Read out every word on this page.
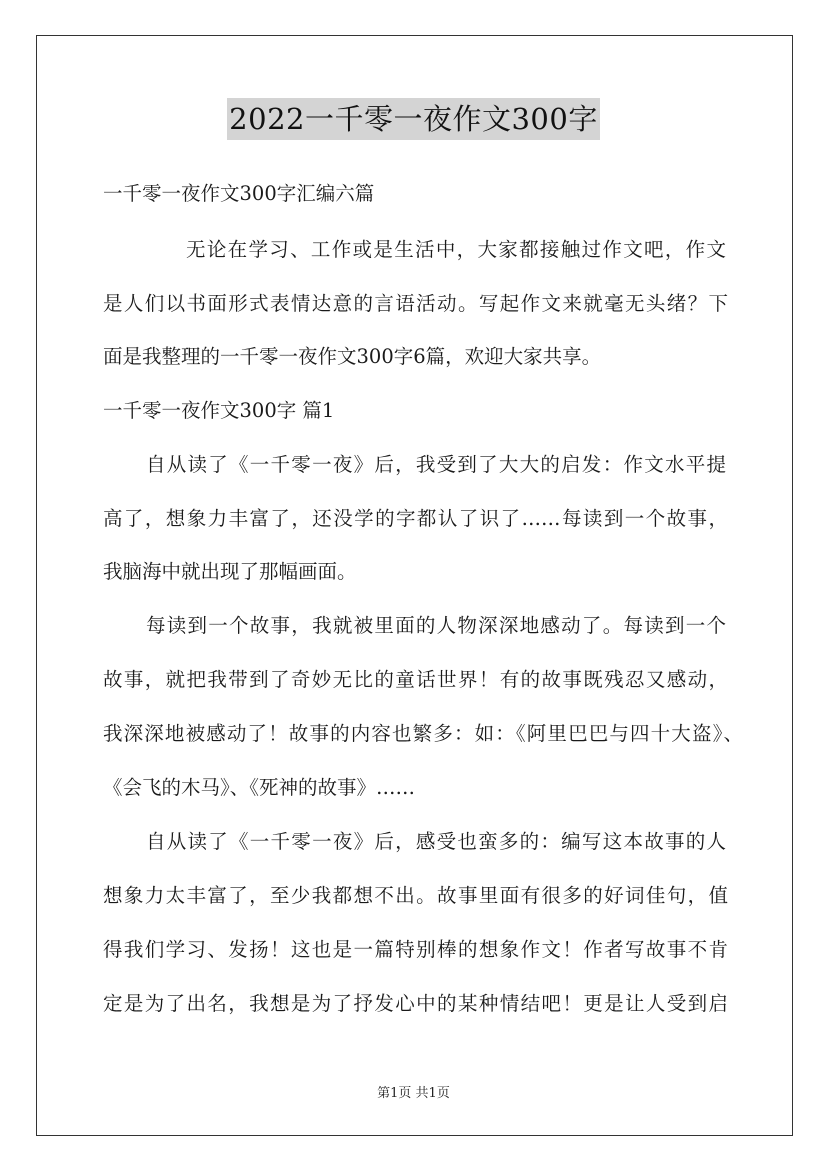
2022一千零一夜作文300字
一千零一夜作文300字汇编六篇
无论在学习、工作或是生活中，大家都接触过作文吧，作文
是人们以书面形式表情达意的言语活动。写起作文来就毫无头绪？下
面是我整理的一千零一夜作文300字6篇，欢迎大家共享。
一千零一夜作文300字 篇1
自从读了《一千零一夜》后，我受到了大大的启发：作文水平提
高了，想象力丰富了，还没学的字都认了识了……每读到一个故事，
我脑海中就出现了那幅画面。
每读到一个故事，我就被里面的人物深深地感动了。每读到一个
故事，就把我带到了奇妙无比的童话世界！有的故事既残忍又感动，
我深深地被感动了！故事的内容也繁多：如：《阿里巴巴与四十大盗》、
《会飞的木马》、《死神的故事》……
自从读了《一千零一夜》后，感受也蛮多的：编写这本故事的人
想象力太丰富了，至少我都想不出。故事里面有很多的好词佳句，值
得我们学习、发扬！这也是一篇特别棒的想象作文！作者写故事不肯
定是为了出名，我想是为了抒发心中的某种情结吧！更是让人受到启
第1页 共1页
